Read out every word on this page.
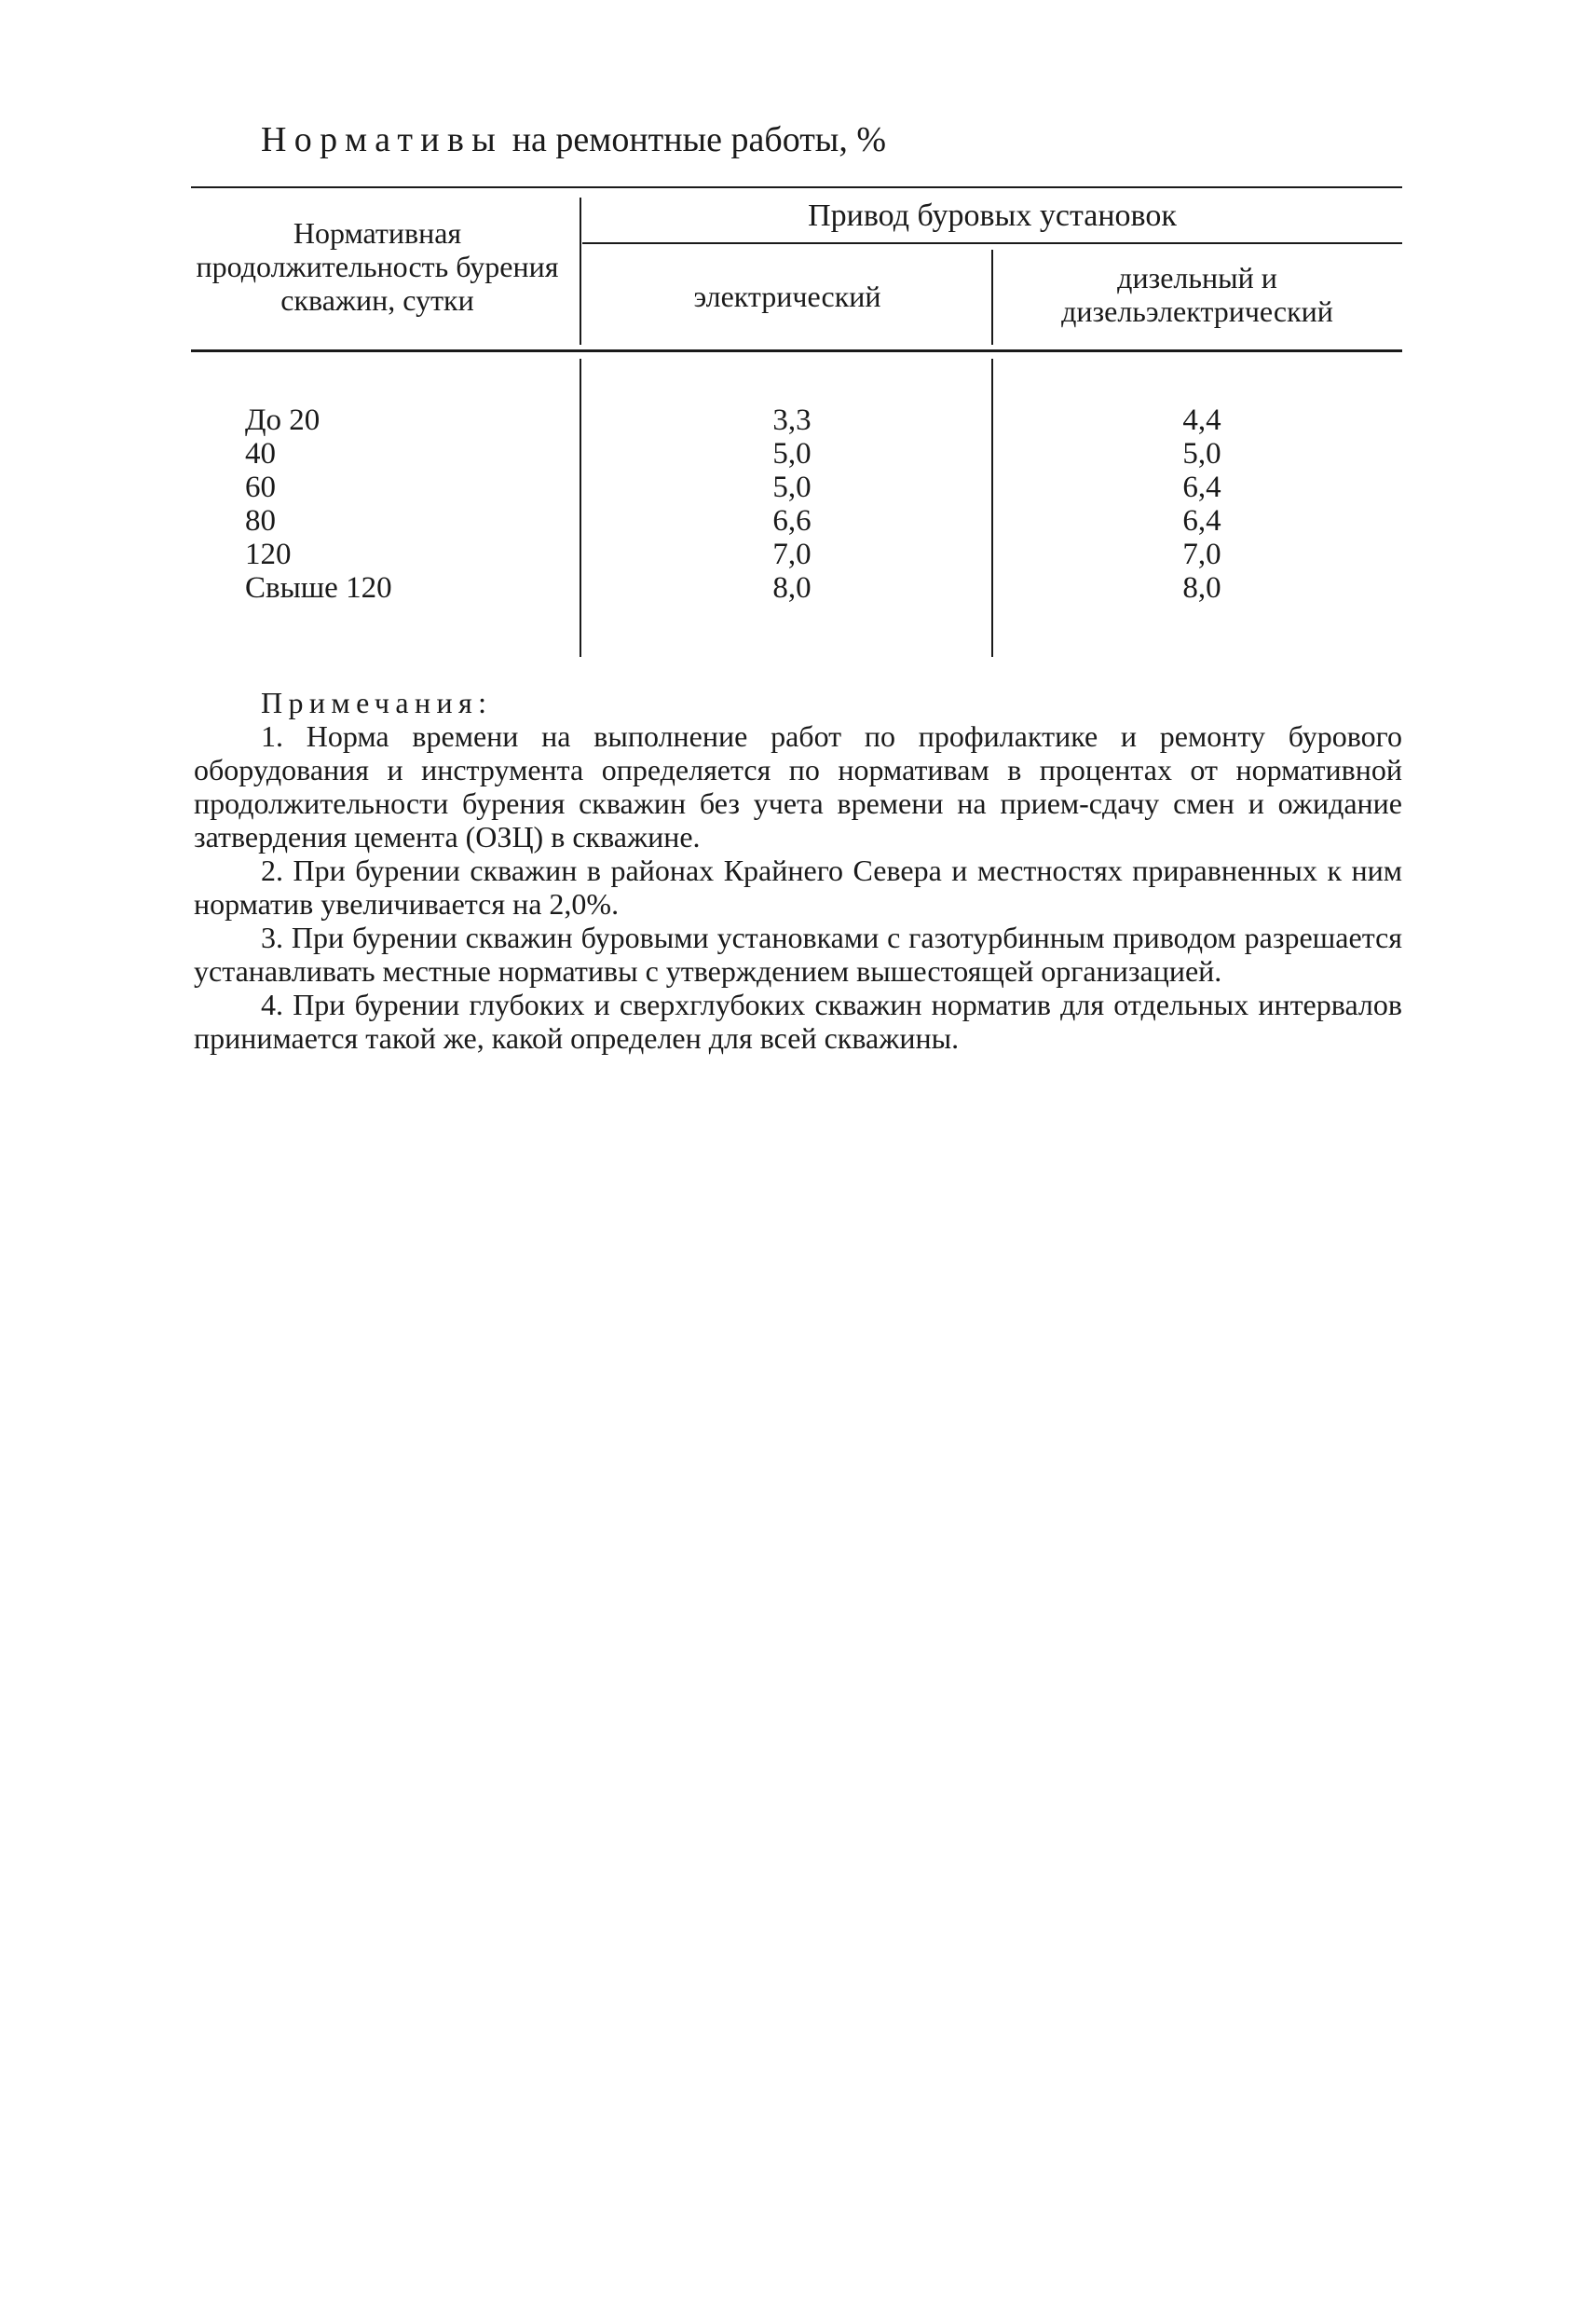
Нормативы на ремонтные работы, %
Нормативная продолжительность бурения скважин, сутки
Привод буровых установок
электрический
дизельный и дизельэлектрический
До 20
40
60
80
120
Свыше 120
3,3
5,0
5,0
6,6
7,0
8,0
4,4
5,0
6,4
6,4
7,0
8,0
Примечания:

1. Норма времени на выполнение работ по профилактике и ремонту бурового оборудования и инструмента определяется по нормативам в процентах от нормативной продолжительности бурения скважин без учета времени на прием-сдачу смен и ожидание затвердения цемента (ОЗЦ) в скважине.

2. При бурении скважин в районах Крайнего Севера и местностях приравненных к ним норматив увеличивается на 2,0%.

3. При бурении скважин буровыми установками с газотурбинным приводом разрешается устанавливать местные нормативы с утверждением вышестоящей организацией.

4. При бурении глубоких и сверхглубоких скважин норматив для отдельных интервалов принимается такой же, какой определен для всей скважины.
